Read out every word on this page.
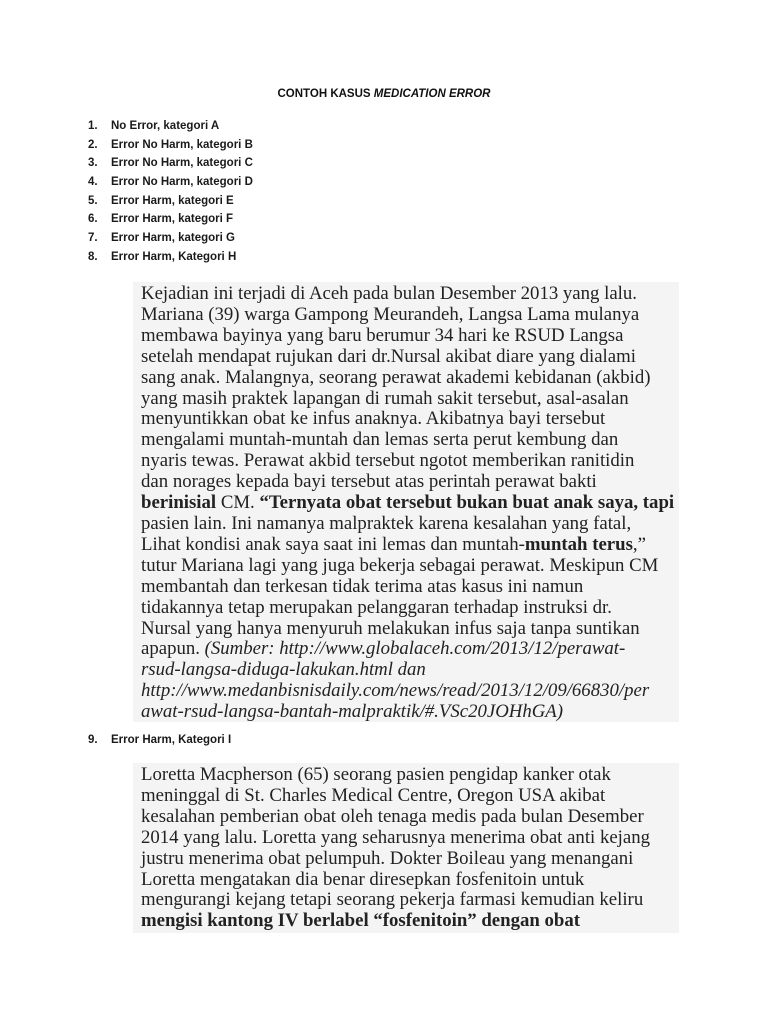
CONTOH KASUS MEDICATION ERROR
1. No Error, kategori A
2. Error No Harm, kategori B
3. Error No Harm, kategori C
4. Error No Harm, kategori D
5. Error Harm, kategori E
6. Error Harm, kategori F
7. Error Harm, kategori G
8. Error Harm, Kategori H
Kejadian ini terjadi di Aceh pada bulan Desember 2013 yang lalu.
Mariana (39) warga Gampong Meurandeh, Langsa Lama mulanya
membawa bayinya yang baru berumur 34 hari ke RSUD Langsa
setelah mendapat rujukan dari dr.Nursal akibat diare yang dialami
sang anak. Malangnya, seorang perawat akademi kebidanan (akbid)
yang masih praktek lapangan di rumah sakit tersebut, asal-asalan
menyuntikkan obat ke infus anaknya. Akibatnya bayi tersebut
mengalami muntah-muntah dan lemas serta perut kembung dan
nyaris tewas. Perawat akbid tersebut ngotot memberikan ranitidin
dan norages kepada bayi tersebut atas perintah perawat bakti
berinisial CM. “Ternyata obat tersebut bukan buat anak saya, tapi
pasien lain. Ini namanya malpraktek karena kesalahan yang fatal,
Lihat kondisi anak saya saat ini lemas dan muntah-muntah terus,”
tutur Mariana lagi yang juga bekerja sebagai perawat. Meskipun CM
membantah dan terkesan tidak terima atas kasus ini namun
tidakannya tetap merupakan pelanggaran terhadap instruksi dr.
Nursal yang hanya menyuruh melakukan infus saja tanpa suntikan
apapun. (Sumber: http://www.globalaceh.com/2013/12/perawat-
rsud-langsa-diduga-lakukan.html dan
http://www.medanbisnisdaily.com/news/read/2013/12/09/66830/per
awat-rsud-langsa-bantah-malpraktik/#.VSc20JOHhGA)
9. Error Harm, Kategori I
Loretta Macpherson (65) seorang pasien pengidap kanker otak
meninggal di St. Charles Medical Centre, Oregon USA akibat
kesalahan pemberian obat oleh tenaga medis pada bulan Desember
2014 yang lalu. Loretta yang seharusnya menerima obat anti kejang
justru menerima obat pelumpuh. Dokter Boileau yang menangani
Loretta mengatakan dia benar diresepkan fosfenitoin untuk
mengurangi kejang tetapi seorang pekerja farmasi kemudian keliru
mengisi kantong IV berlabel “fosfenitoin” dengan obat
